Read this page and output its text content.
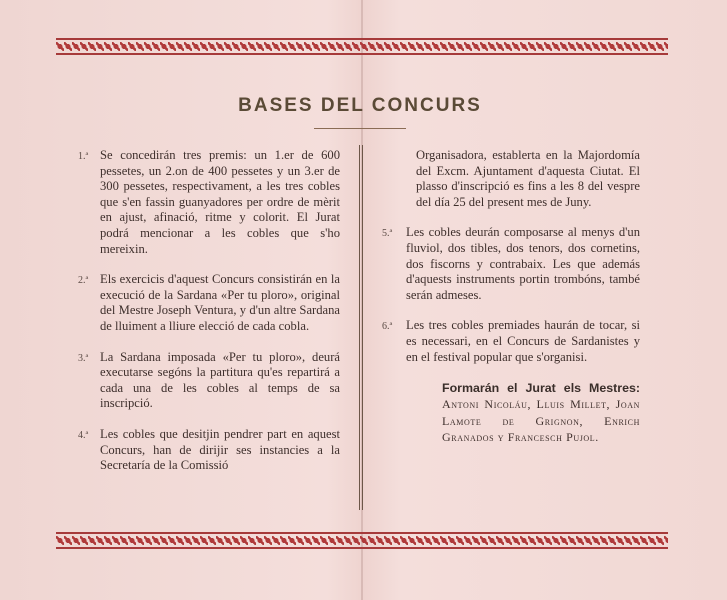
BASES DEL CONCURS
1.ª Se concedirán tres premis: un 1.er de 600 pessetes, un 2.on de 400 pessetes y un 3.er de 300 pessetes, respectivament, a les tres cobles que s'en fassin guanyadores per ordre de mèrit en ajust, afinació, ritme y colorit. El Jurat podrá mencionar a les cobles que s'ho mereixin.
2.ª Els exercicis d'aquest Concurs consistirán en la execució de la Sardana «Per tu ploro», original del Mestre Joseph Ventura, y d'un altre Sardana de lluiment a lliure elecció de cada cobla.
3.ª La Sardana imposada «Per tu ploro», deurá executarse segóns la partitura qu'es repartirá a cada una de les cobles al temps de sa inscripció.
4.ª Les cobles que desitjin pendrer part en aquest Concurs, han de dirijir ses instancies a la Secretaría de la Comissió
Organisadora, establerta en la Majordomía del Excm. Ajuntament d'aquesta Ciutat. El plasso d'inscripció es fins a les 8 del vespre del día 25 del present mes de Juny.
5.ª Les cobles deurán composarse al menys d'un fluviol, dos tibles, dos tenors, dos cornetins, dos fiscorns y contrabaix. Les que además d'aquests instruments portin trombóns, també serán admeses.
6.ª Les tres cobles premiades haurán de tocar, si es necessari, en el Concurs de Sardanistes y en el festival popular que s'organisi.
Formarán el Jurat els Mestres: Antoni Nicoláu, Lluis Millet, Joan Lamote de Grignon, Enrich Granados y Francesch Pujol.
